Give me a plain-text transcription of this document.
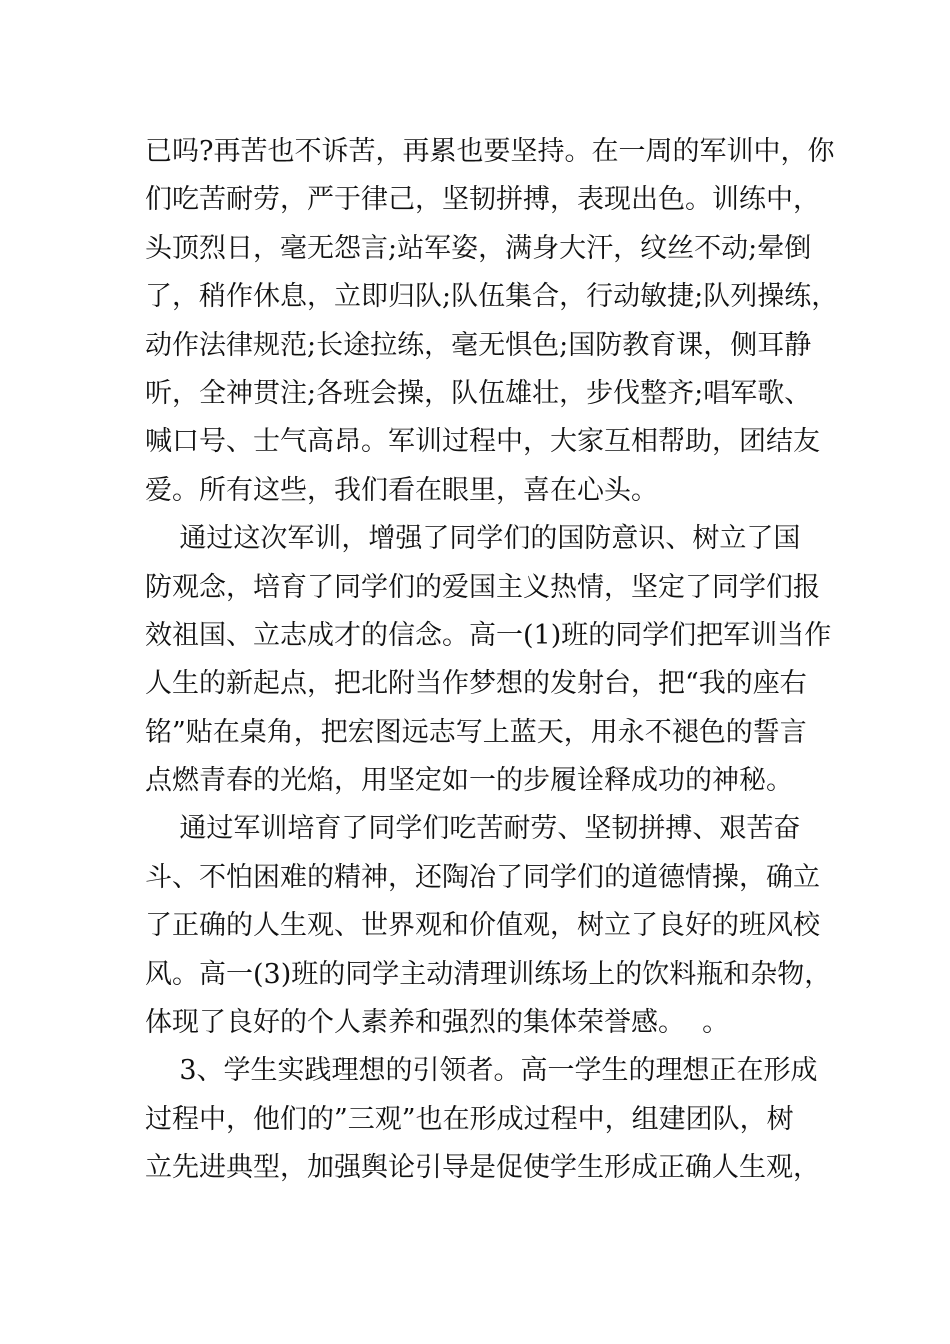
已吗?再苦也不诉苦，再累也要坚持。在一周的军训中，你
们吃苦耐劳，严于律己，坚韧拼搏，表现出色。训练中，
头顶烈日，毫无怨言;站军姿，满身大汗，纹丝不动;晕倒
了，稍作休息，立即归队;队伍集合，行动敏捷;队列操练，
动作法律规范;长途拉练，毫无惧色;国防教育课，侧耳静
听，全神贯注;各班会操，队伍雄壮，步伐整齐;唱军歌、
喊口号、士气高昂。军训过程中，大家互相帮助，团结友
爱。所有这些，我们看在眼里，喜在心头。
通过这次军训，增强了同学们的国防意识、树立了国
防观念，培育了同学们的爱国主义热情，坚定了同学们报
效祖国、立志成才的信念。高一(1)班的同学们把军训当作
人生的新起点，把北附当作梦想的发射台，把“我的座右
铭”贴在桌角，把宏图远志写上蓝天，用永不褪色的誓言
点燃青春的光焰，用坚定如一的步履诠释成功的神秘。
通过军训培育了同学们吃苦耐劳、坚韧拼搏、艰苦奋
斗、不怕困难的精神，还陶冶了同学们的道德情操，确立
了正确的人生观、世界观和价值观，树立了良好的班风校
风。高一(3)班的同学主动清理训练场上的饮料瓶和杂物，
体现了良好的个人素养和强烈的集体荣誉感。  。
3、学生实践理想的引领者。高一学生的理想正在形成
过程中，他们的”三观”也在形成过程中，组建团队，树
立先进典型，加强舆论引导是促使学生形成正确人生观，
